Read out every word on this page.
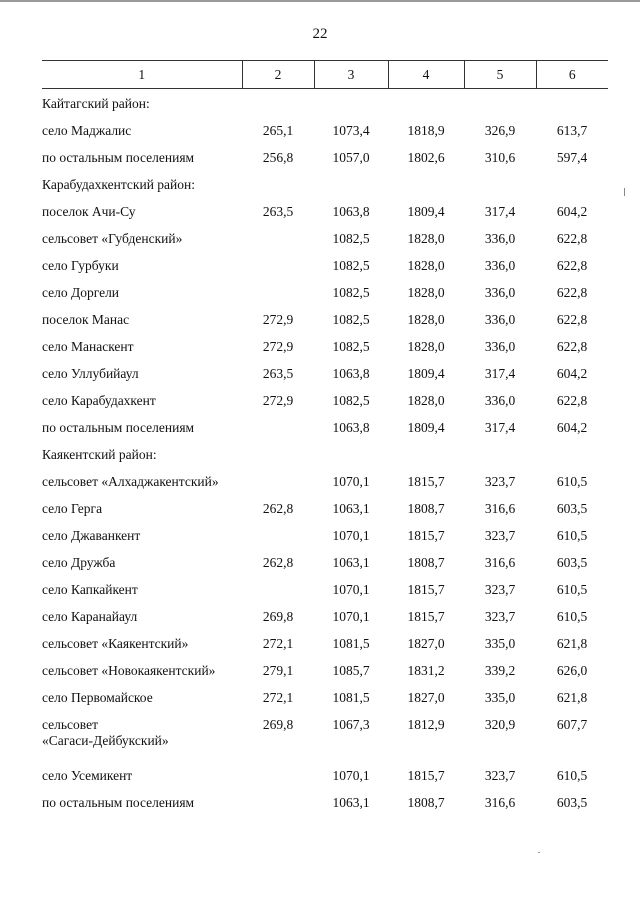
22
1	2	3	4	5	6
Кайтагский район:					
село Маджалис	265,1	1073,4	1818,9	326,9	613,7
по остальным поселениям	256,8	1057,0	1802,6	310,6	597,4
Карабудахкентский район:					
поселок Ачи-Су	263,5	1063,8	1809,4	317,4	604,2
сельсовет «Губденский»		1082,5	1828,0	336,0	622,8
село Гурбуки		1082,5	1828,0	336,0	622,8
село Доргели		1082,5	1828,0	336,0	622,8
поселок Манас	272,9	1082,5	1828,0	336,0	622,8
село Манаскент	272,9	1082,5	1828,0	336,0	622,8
село Уллубийаул	263,5	1063,8	1809,4	317,4	604,2
село Карабудахкент	272,9	1082,5	1828,0	336,0	622,8
по остальным поселениям		1063,8	1809,4	317,4	604,2
Каякентский район:					
сельсовет «Алхаджакентский»		1070,1	1815,7	323,7	610,5
село Герга	262,8	1063,1	1808,7	316,6	603,5
село Джаванкент		1070,1	1815,7	323,7	610,5
село Дружба	262,8	1063,1	1808,7	316,6	603,5
село Капкайкент		1070,1	1815,7	323,7	610,5
село Каранайаул	269,8	1070,1	1815,7	323,7	610,5
сельсовет «Каякентский»	272,1	1081,5	1827,0	335,0	621,8
сельсовет «Новокаякентский»	279,1	1085,7	1831,2	339,2	626,0
село Первомайское	272,1	1081,5	1827,0	335,0	621,8
сельсовет
«Сагаси-Дейбукский»	269,8	1067,3	1812,9	320,9	607,7
село Усемикент		1070,1	1815,7	323,7	610,5
по остальным поселениям		1063,1	1808,7	316,6	603,5
